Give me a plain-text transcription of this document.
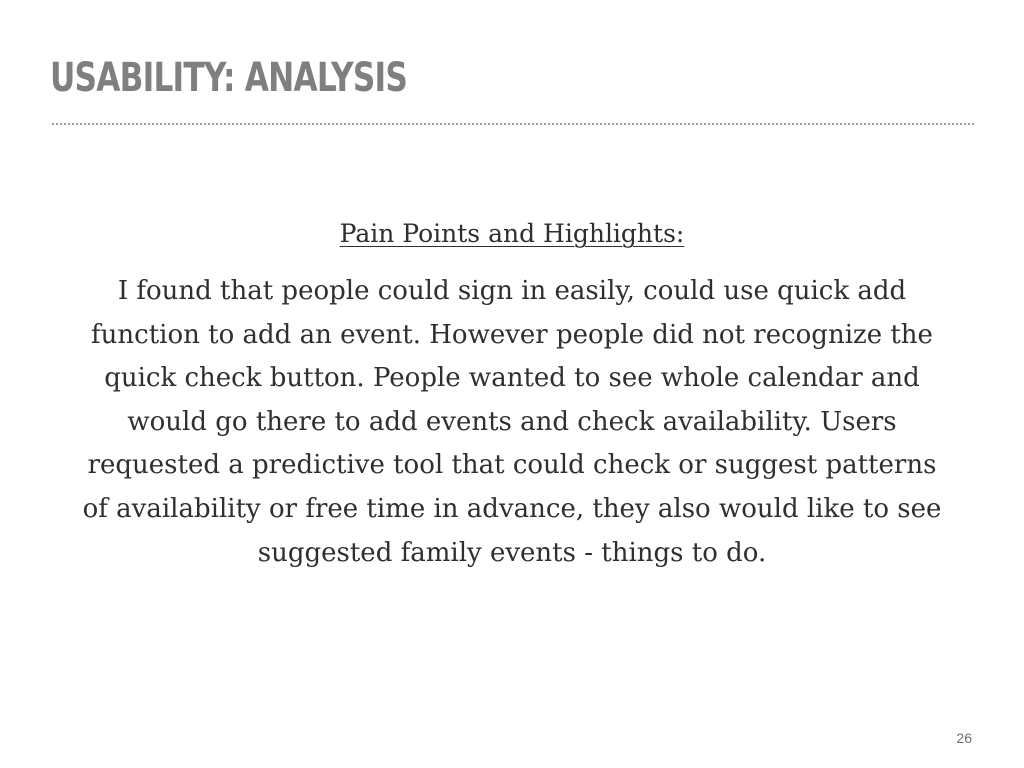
USABILITY: ANALYSIS
Pain Points and Highlights:

I found that people could sign in easily, could use quick add
function to add an event. However people did not recognize the
quick check button. People wanted to see whole calendar and
would go there to add events and check availability. Users
requested a predictive tool that could check or suggest patterns
of availability or free time in advance, they also would like to see
suggested family events - things to do.

26
